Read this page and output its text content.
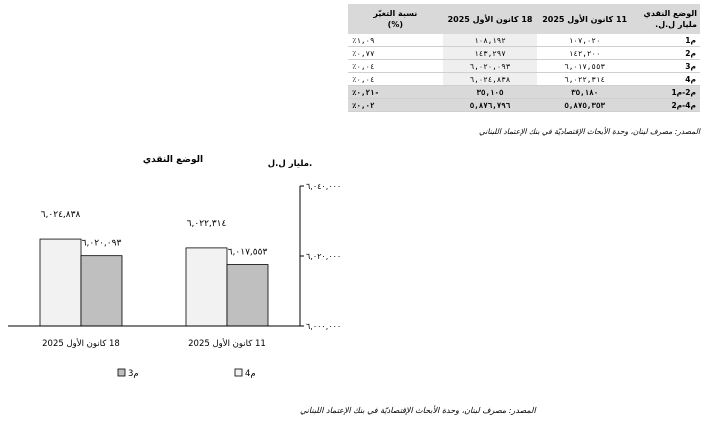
الوضع النقدي
مليار ل.ل.	11 كانون الأول 2025	18 كانون الأول 2025	نسبة التغيّر
(%)
م1	١٠٧,٠٢٠	١٠٨,١٩٢	١,٠٩٪
م2	١٤٢,٢٠٠	١٤٣,٢٩٧	٠,٧٧٪
م3	٦,٠١٧,٥٥٣	٦,٠٢٠,٠٩٣	٠,٠٤٪
م4	٦,٠٢٢,٣١٤	٦,٠٢٤,٨٣٨	٠,٠٤٪
م2-م1	٣٥,١٨٠	٣٥,١٠٥	-٠,٢١٪
م4-م2	٥,٨٧٥,٣٥٣	٥,٨٧٦,٧٩٦	٠,٠٢٪
المصدر: مصرف لبنان، وحدة الأبحاث الإقتصاديّة في بنك الإعتماد اللبناني
الوضع النقدي	مليار ل.ل.
٦,٠٢٤,٨٣٨
٦,٠٢٠,٠٩٣
٦,٠٢٢,٣١٤
٦,٠١٧,٥٥٣
٦,٠٠٠,٠٠٠
٦,٠٢٠,٠٠٠
٦,٠٤٠,٠٠٠
18 كانون الأول 2025	11 كانون الأول 2025
م3	م4
المصدر: مصرف لبنان، وحدة الأبحاث الإقتصاديّة في بنك الإعتماد اللبناني
